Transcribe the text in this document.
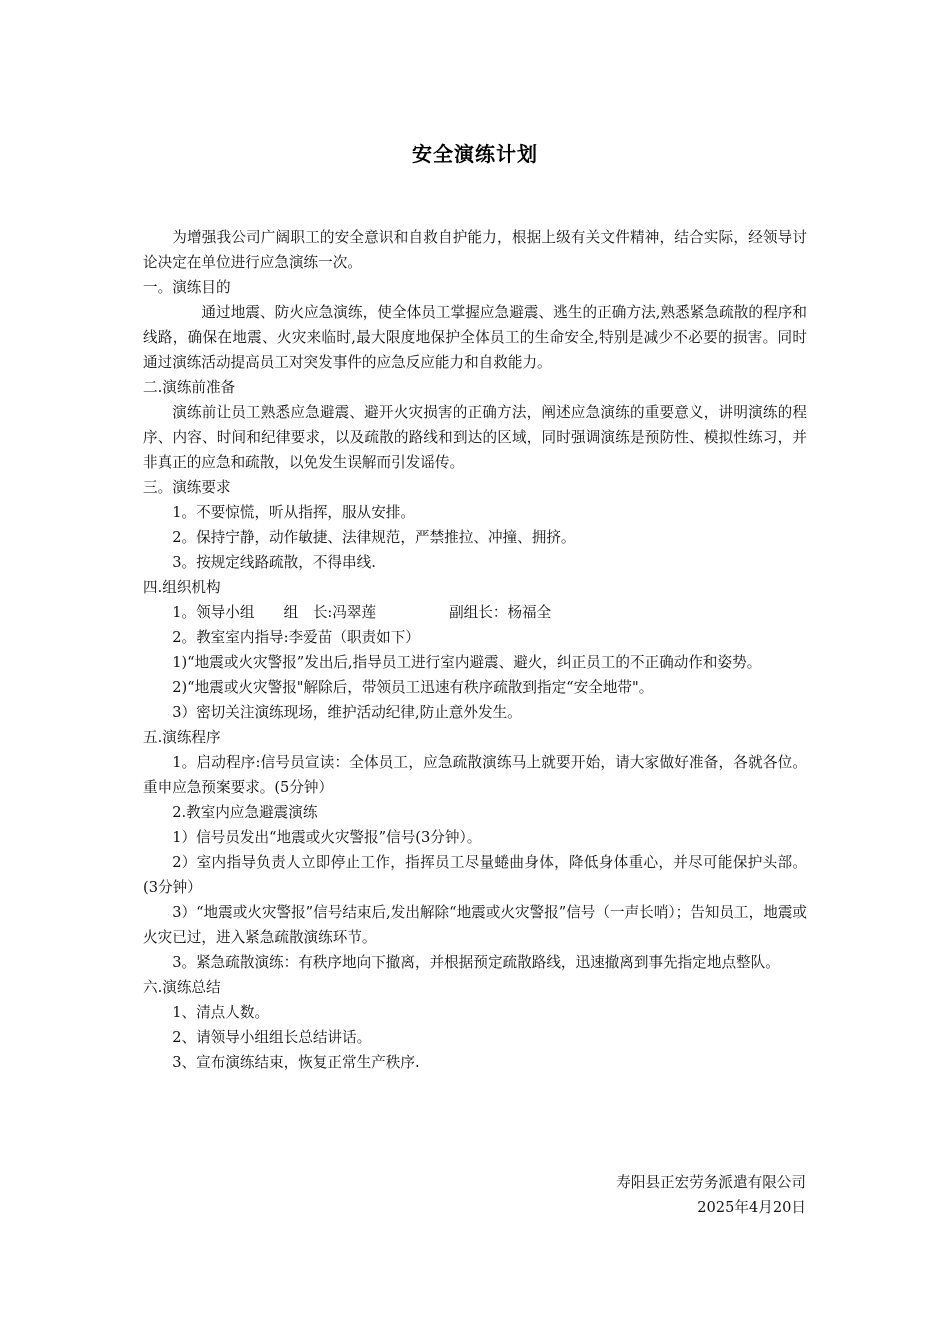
安全演练计划

为增强我公司广阔职工的安全意识和自救自护能力，根据上级有关文件精神，结合实际，经领导讨论决定在单位进行应急演练一次。

一。演练目的

通过地震、防火应急演练，使全体员工掌握应急避震、逃生的正确方法,熟悉紧急疏散的程序和线路，确保在地震、火灾来临时,最大限度地保护全体员工的生命安全,特别是减少不必要的损害。同时通过演练活动提高员工对突发事件的应急反应能力和自救能力。

二.演练前准备

演练前让员工熟悉应急避震、避开火灾损害的正确方法，阐述应急演练的重要意义，讲明演练的程序、内容、时间和纪律要求，以及疏散的路线和到达的区域，同时强调演练是预防性、模拟性练习，并非真正的应急和疏散，以免发生误解而引发谣传。

三。演练要求

1。不要惊慌，听从指挥，服从安排。

2。保持宁静，动作敏捷、法律规范，严禁推拉、冲撞、拥挤。

3。按规定线路疏散，不得串线.

四.组织机构

1。领导小组　　组　长:冯翠莲　　　　　副组长：杨福全

2。教室室内指导:李爱苗（职责如下）

1)“地震或火灾警报”发出后,指导员工进行室内避震、避火，纠正员工的不正确动作和姿势。

2)“地震或火灾警报"解除后，带领员工迅速有秩序疏散到指定“安全地带"。

3）密切关注演练现场，维护活动纪律,防止意外发生。

五.演练程序

1。启动程序:信号员宣读：全体员工，应急疏散演练马上就要开始，请大家做好准备，各就各位。重申应急预案要求。(5分钟）

2.教室内应急避震演练

1）信号员发出“地震或火灾警报”信号(3分钟）。

2）室内指导负责人立即停止工作，指挥员工尽量蜷曲身体，降低身体重心，并尽可能保护头部。(3分钟）

3）“地震或火灾警报”信号结束后,发出解除“地震或火灾警报”信号（一声长哨）；告知员工，地震或火灾已过，进入紧急疏散演练环节。

3。紧急疏散演练：有秩序地向下撤离，并根据预定疏散路线，迅速撤离到事先指定地点整队。

六.演练总结

1、清点人数。

2、请领导小组组长总结讲话。

3、宣布演练结束，恢复正常生产秩序.

寿阳县正宏劳务派遣有限公司
2025年4月20日
